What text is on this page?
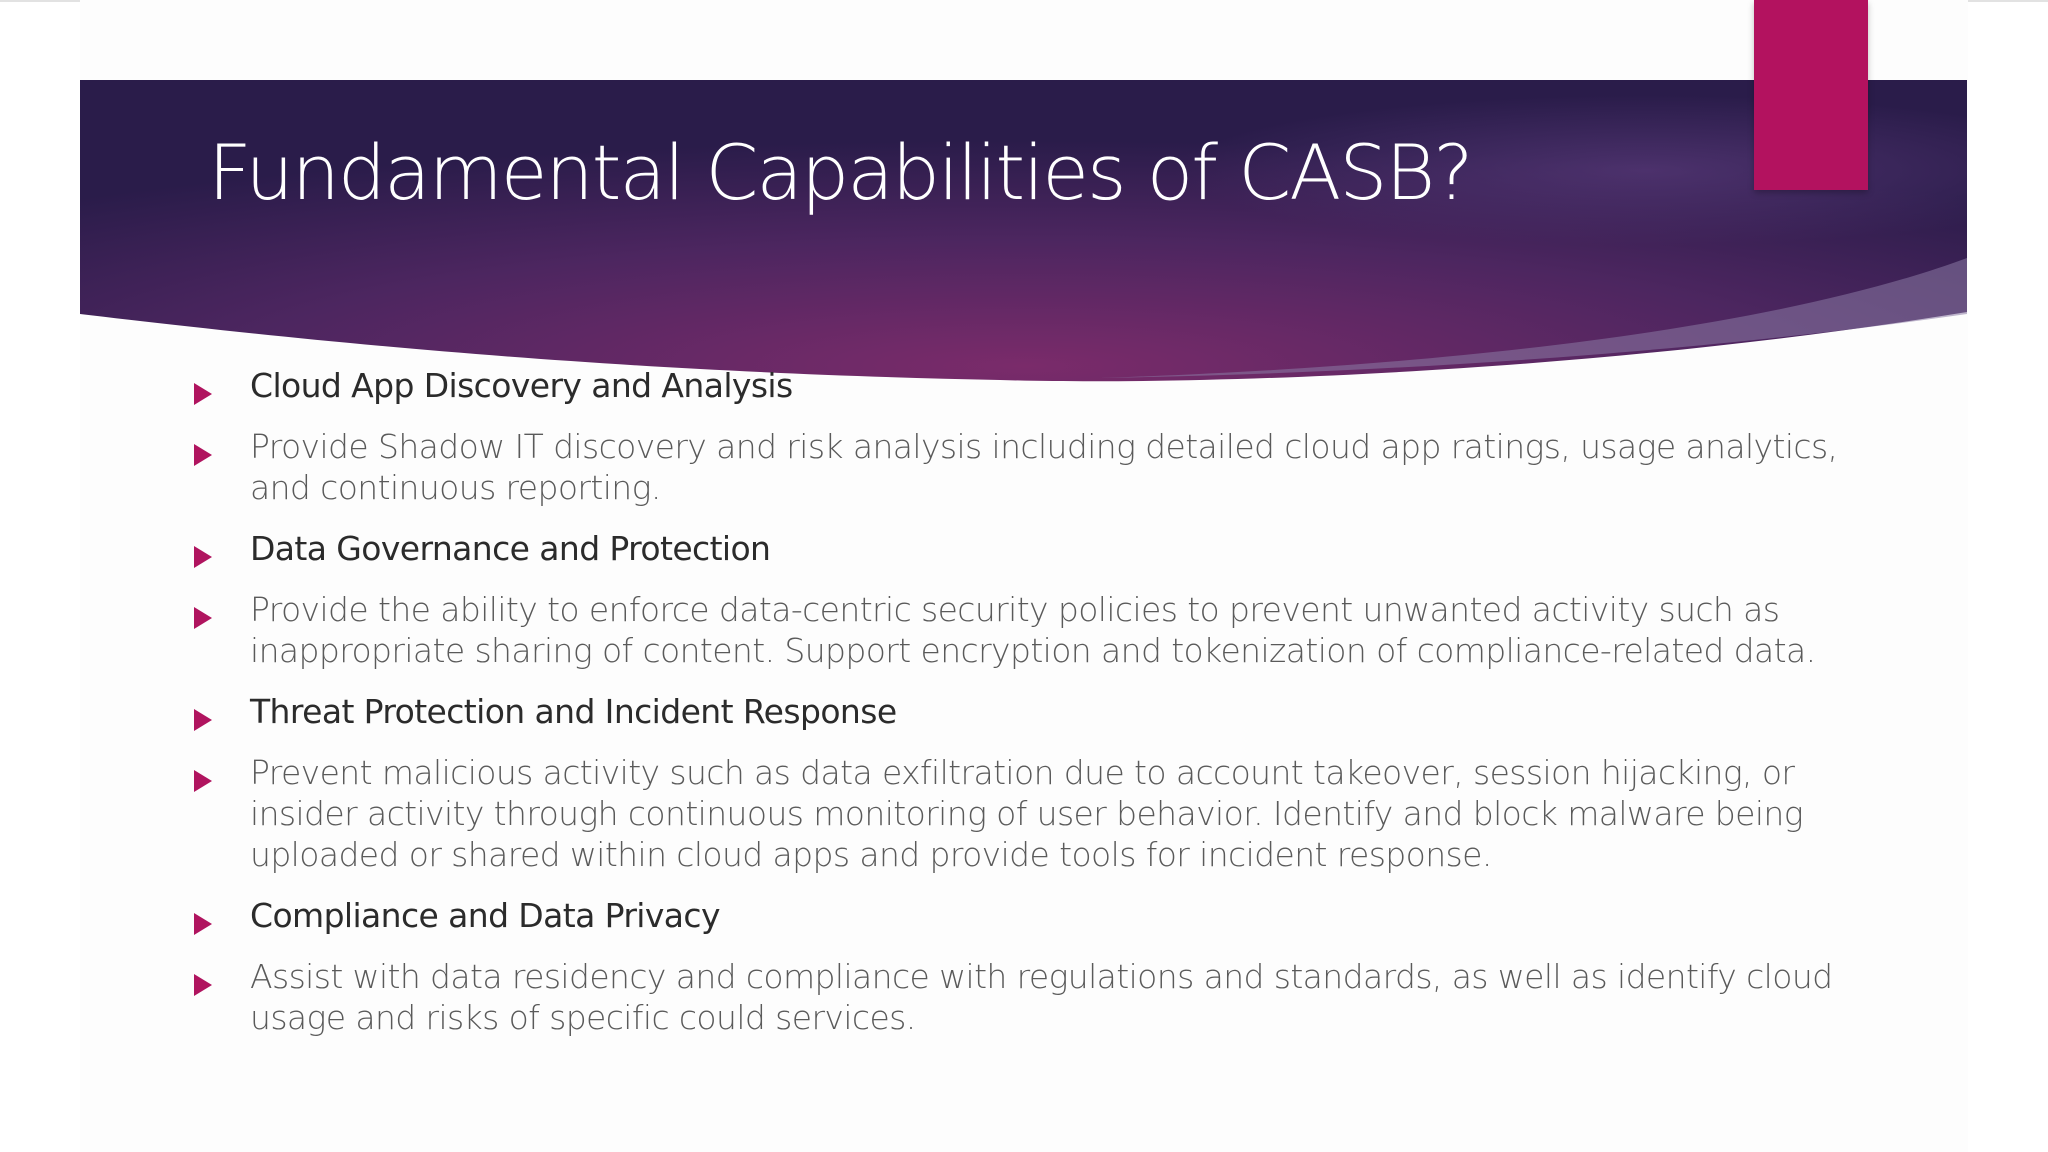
Fundamental Capabilities of CASB?
Cloud App Discovery and Analysis
Provide Shadow IT discovery and risk analysis including detailed cloud app ratings, usage analytics, and continuous reporting.
Data Governance and Protection
Provide the ability to enforce data-centric security policies to prevent unwanted activity such as inappropriate sharing of content. Support encryption and tokenization of compliance-related data.
Threat Protection and Incident Response
Prevent malicious activity such as data exfiltration due to account takeover, session hijacking, or insider activity through continuous monitoring of user behavior. Identify and block malware being uploaded or shared within cloud apps and provide tools for incident response.
Compliance and Data Privacy
Assist with data residency and compliance with regulations and standards, as well as identify cloud usage and risks of specific could services.
